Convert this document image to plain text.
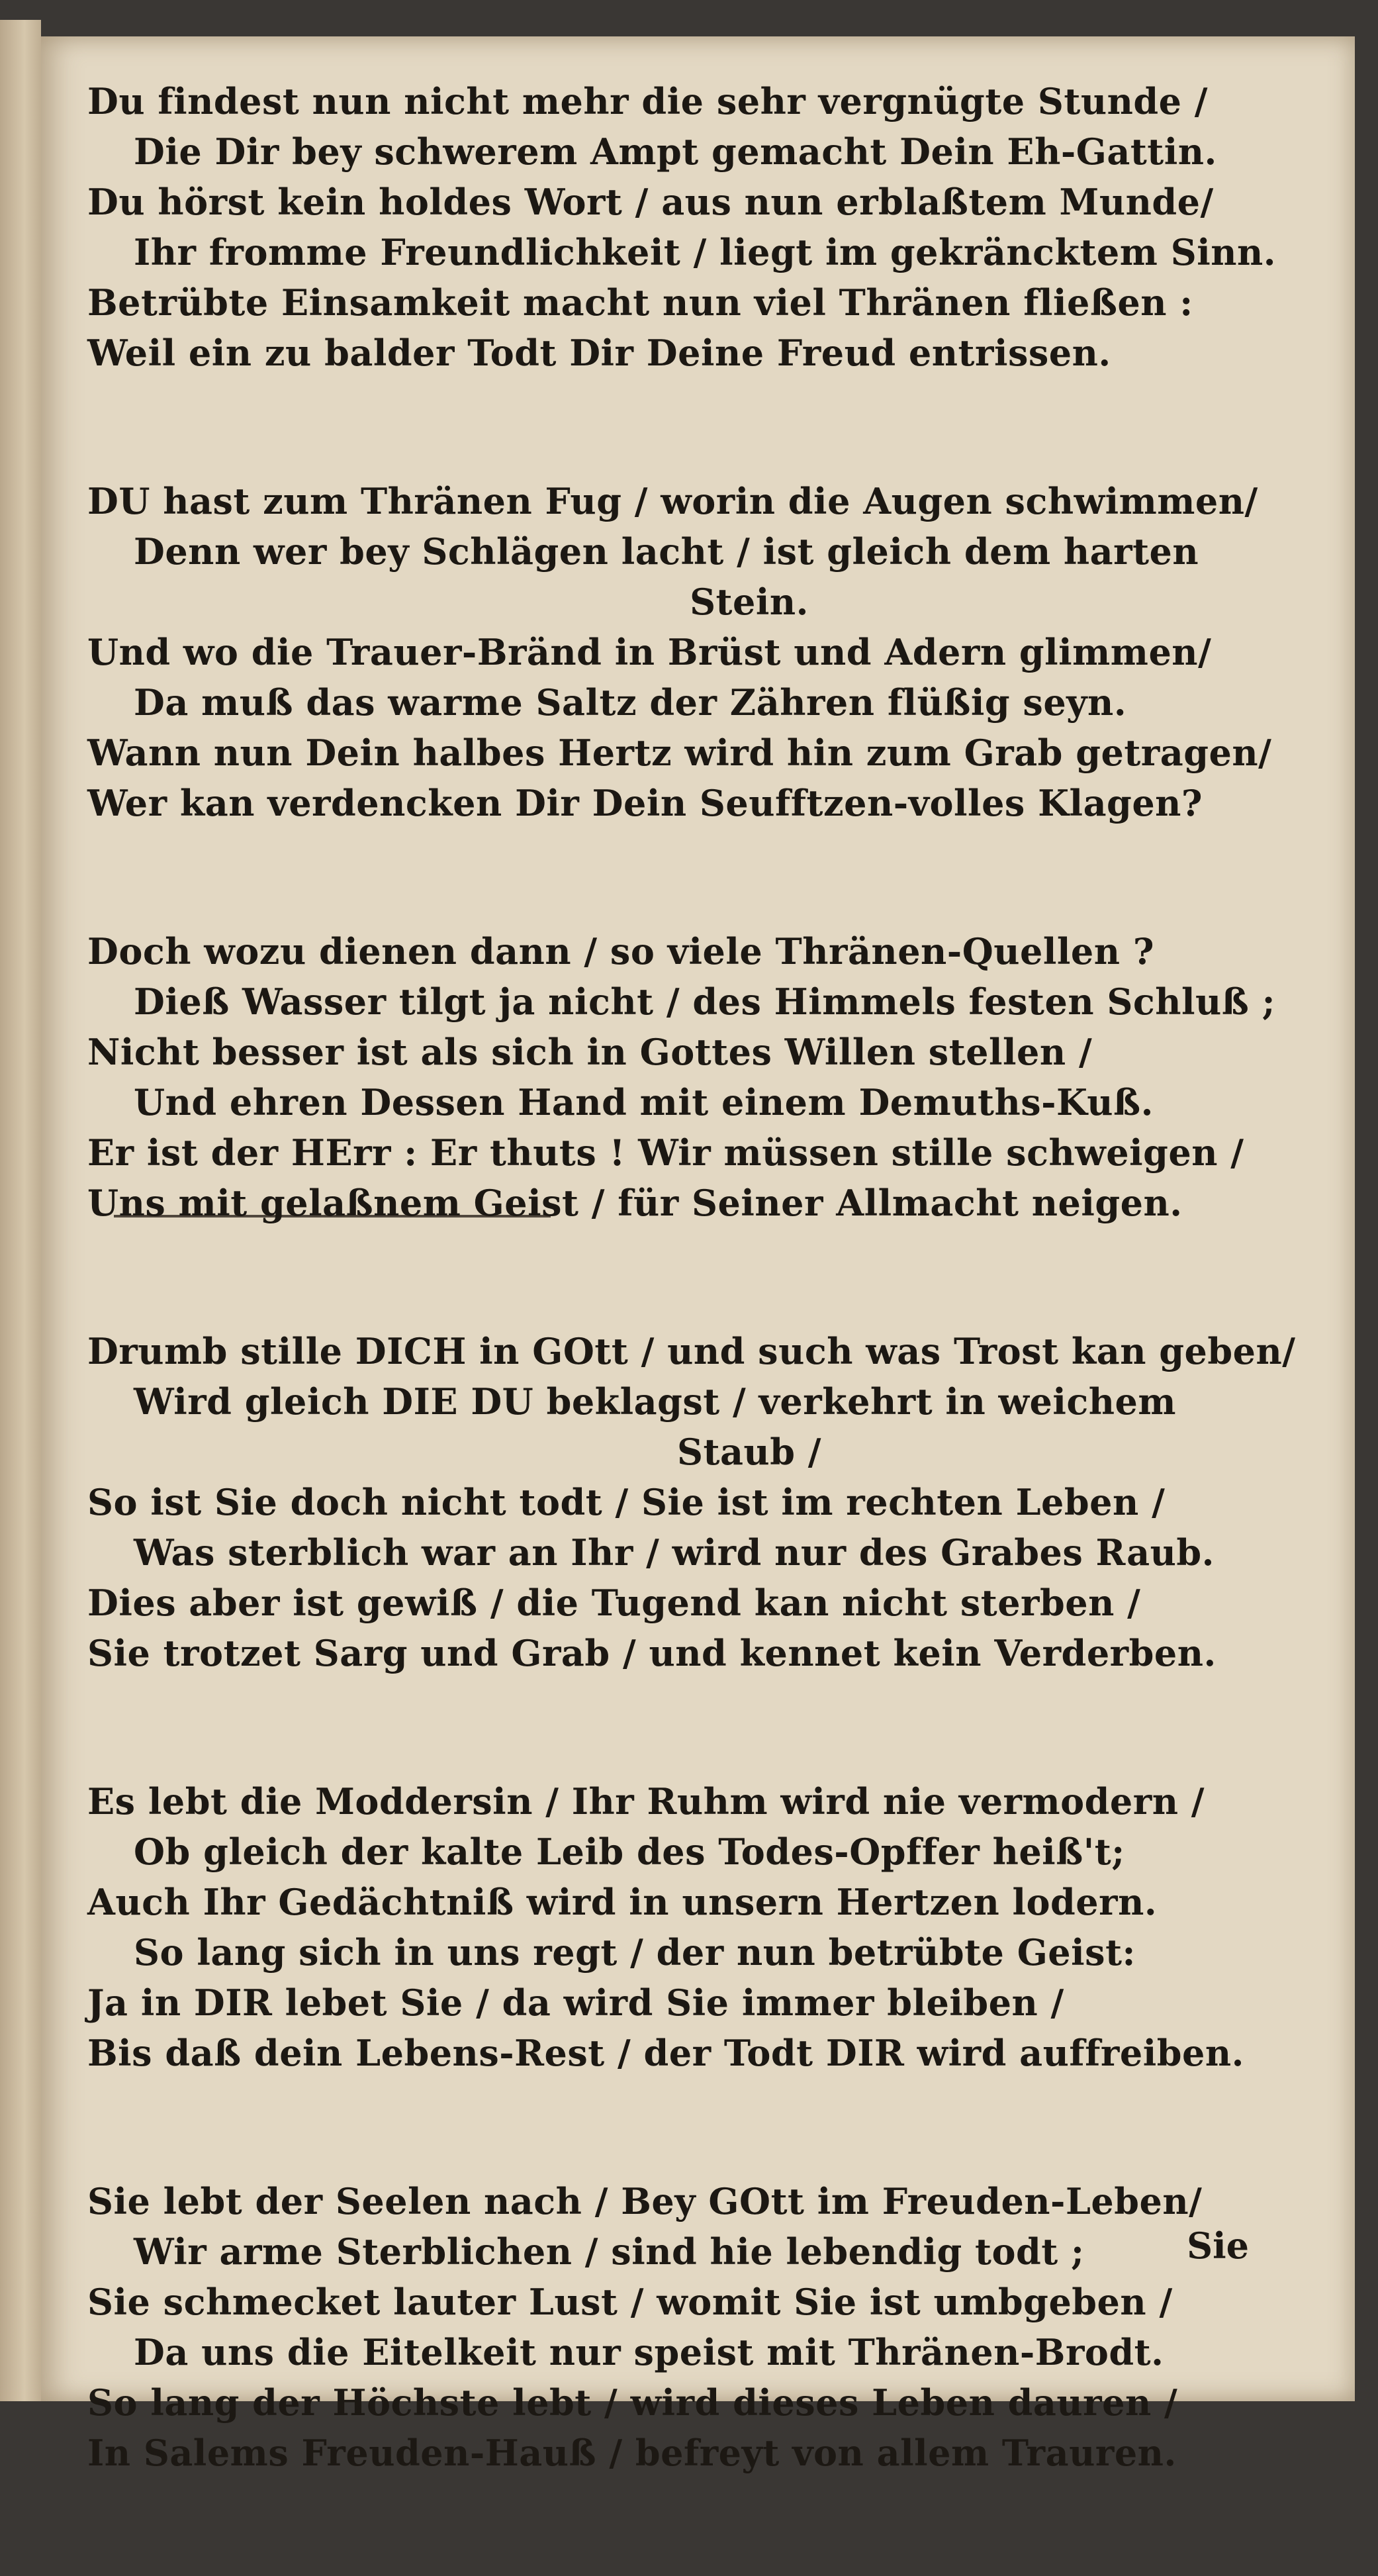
Du findest nun nicht mehr die sehr vergnügte Stunde /
Die Dir bey schwerem Ampt gemacht Dein Eh-Gattin.
Du hörst kein holdes Wort / aus nun erblaßtem Munde/
Ihr fromme Freundlichkeit / liegt im gekräncktem Sinn.
Betrübte Einsamkeit macht nun viel Thränen fließen :
Weil ein zu balder Todt Dir Deine Freud entrissen.
DU hast zum Thränen Fug / worin die Augen schwimmen/
Denn wer bey Schlägen lacht / ist gleich dem harten
Stein.
Und wo die Trauer-Bränd in Brüst und Adern glimmen/
Da muß das warme Saltz der Zähren flüßig seyn.
Wann nun Dein halbes Hertz wird hin zum Grab getragen/
Wer kan verdencken Dir Dein Seufftzen-volles Klagen?
Doch wozu dienen dann / so viele Thränen-Quellen ?
Dieß Wasser tilgt ja nicht / des Himmels festen Schluß ;
Nicht besser ist als sich in Gottes Willen stellen /
Und ehren Dessen Hand mit einem Demuths-Kuß.
Er ist der HErr : Er thuts ! Wir müssen stille schweigen /
Uns mit gelaßnem Geist / für Seiner Allmacht neigen.
Drumb stille DICH in GOtt / und such was Trost kan geben/
Wird gleich DIE DU beklagst / verkehrt in weichem
Staub /
So ist Sie doch nicht todt / Sie ist im rechten Leben /
Was sterblich war an Ihr / wird nur des Grabes Raub.
Dies aber ist gewiß / die Tugend kan nicht sterben /
Sie trotzet Sarg und Grab / und kennet kein Verderben.
Es lebt die Moddersin / Ihr Ruhm wird nie vermodern /
Ob gleich der kalte Leib des Todes-Opffer heiß't;
Auch Ihr Gedächtniß wird in unsern Hertzen lodern.
So lang sich in uns regt / der nun betrübte Geist:
Ja in DIR lebet Sie / da wird Sie immer bleiben /
Bis daß dein Lebens-Rest / der Todt DIR wird auffreiben.
Sie lebt der Seelen nach / Bey GOtt im Freuden-Leben/
Wir arme Sterblichen / sind hie lebendig todt ;
Sie schmecket lauter Lust / womit Sie ist umbgeben /
Da uns die Eitelkeit nur speist mit Thränen-Brodt.
So lang der Höchste lebt / wird dieses Leben dauren /
In Salems Freuden-Hauß / befreyt von allem Trauren.
Sie
